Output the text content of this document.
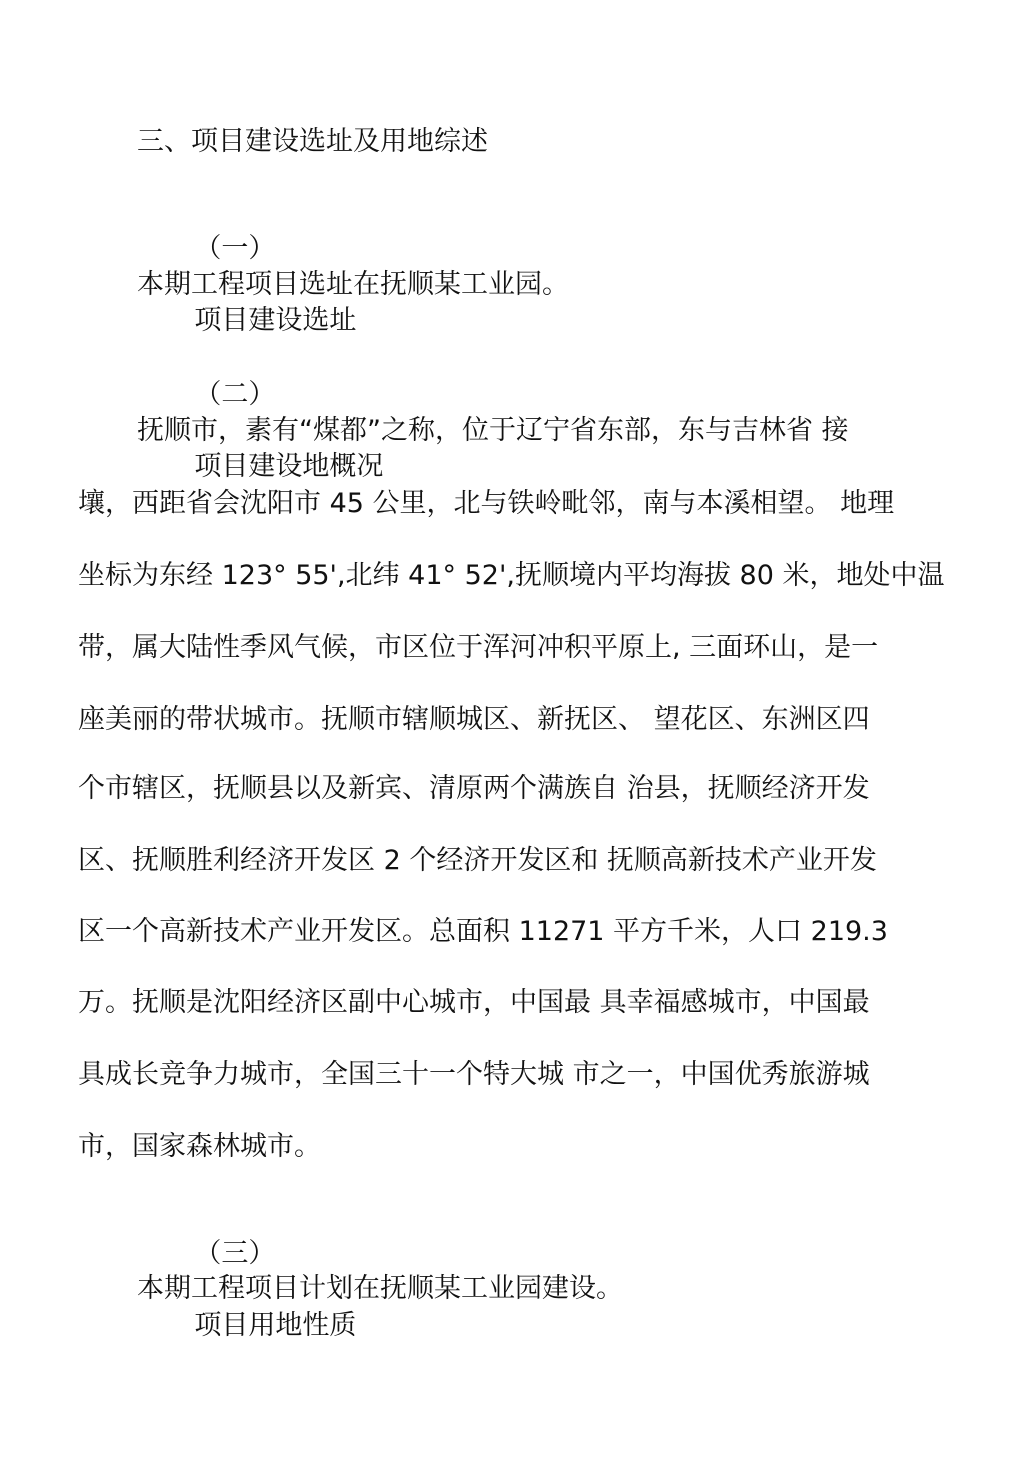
三、项目建设选址及用地综述

（一）

项目建设选址

本期工程项目选址在抚顺某工业园。

（二）

项目建设地概况

抚顺市，素有“煤都”之称，位于辽宁省东部，东与吉林省 接
壤，西距省会沈阳市 45 公里，北与铁岭毗邻，南与本溪相望。 地理
坐标为东经 123° 55',北纬 41° 52',抚顺境内平均海拔 80 米，地处中温
带，属大陆性季风气候，市区位于浑河冲积平原上, 三面环山，是一
座美丽的带状城市。抚顺市辖顺城区、新抚区、 望花区、东洲区四
个市辖区，抚顺县以及新宾、清原两个满族自 治县，抚顺经济开发
区、抚顺胜利经济开发区 2 个经济开发区和 抚顺高新技术产业开发
区一个高新技术产业开发区。总面积 11271 平方千米，人口 219.3
万。抚顺是沈阳经济区副中心城市，中国最 具幸福感城市，中国最
具成长竞争力城市，全国三十一个特大城 市之一，中国优秀旅游城
市，国家森林城市。

（三）

项目用地性质

本期工程项目计划在抚顺某工业园建设。
